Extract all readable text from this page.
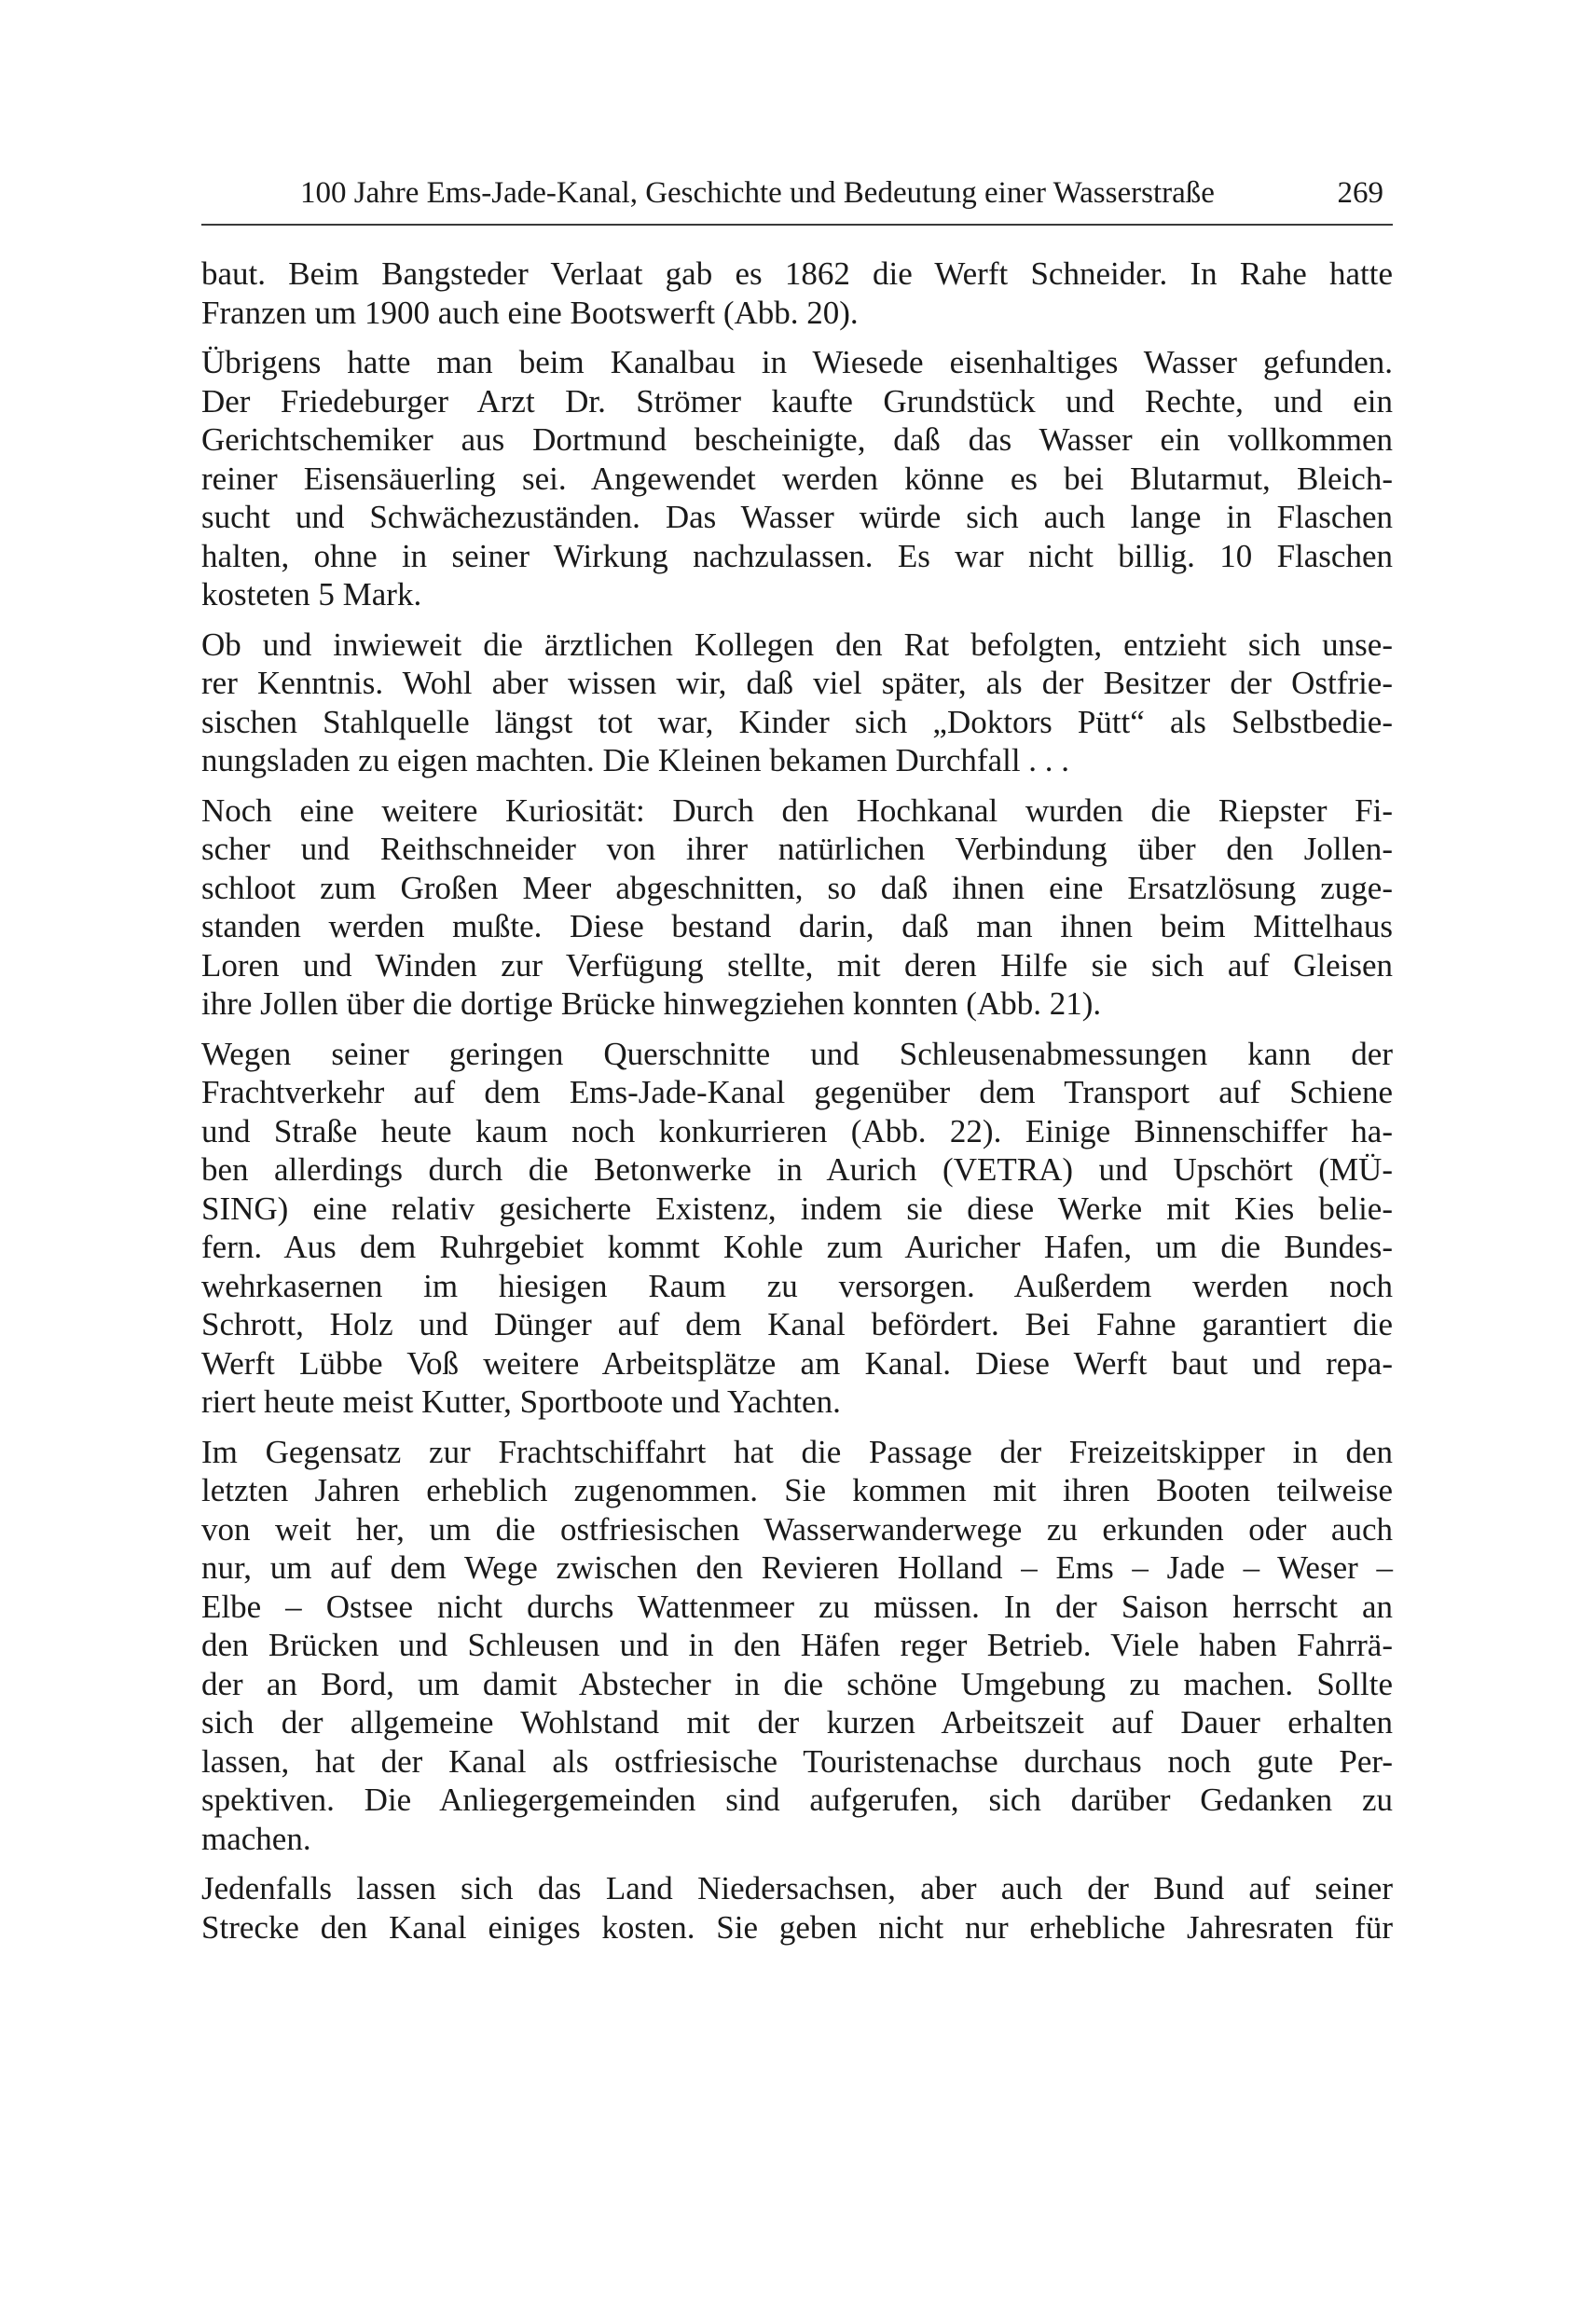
100 Jahre Ems-Jade-Kanal, Geschichte und Bedeutung einer Wasserstraße	269

baut. Beim Bangsteder Verlaat gab es 1862 die Werft Schneider. In Rahe hatte
Franzen um 1900 auch eine Bootswerft (Abb. 20).

Übrigens hatte man beim Kanalbau in Wiesede eisenhaltiges Wasser gefunden.
Der Friedeburger Arzt Dr. Strömer kaufte Grundstück und Rechte, und ein
Gerichtschemiker aus Dortmund bescheinigte, daß das Wasser ein vollkommen
reiner Eisensäuerling sei. Angewendet werden könne es bei Blutarmut, Bleich-
sucht und Schwächezuständen. Das Wasser würde sich auch lange in Flaschen
halten, ohne in seiner Wirkung nachzulassen. Es war nicht billig. 10 Flaschen
kosteten 5 Mark.

Ob und inwieweit die ärztlichen Kollegen den Rat befolgten, entzieht sich unse-
rer Kenntnis. Wohl aber wissen wir, daß viel später, als der Besitzer der Ostfrie-
sischen Stahlquelle längst tot war, Kinder sich „Doktors Pütt“ als Selbstbedie-
nungsladen zu eigen machten. Die Kleinen bekamen Durchfall . . .

Noch eine weitere Kuriosität: Durch den Hochkanal wurden die Riepster Fi-
scher und Reithschneider von ihrer natürlichen Verbindung über den Jollen-
schloot zum Großen Meer abgeschnitten, so daß ihnen eine Ersatzlösung zuge-
standen werden mußte. Diese bestand darin, daß man ihnen beim Mittelhaus
Loren und Winden zur Verfügung stellte, mit deren Hilfe sie sich auf Gleisen
ihre Jollen über die dortige Brücke hinwegziehen konnten (Abb. 21).

Wegen seiner geringen Querschnitte und Schleusenabmessungen kann der
Frachtverkehr auf dem Ems-Jade-Kanal gegenüber dem Transport auf Schiene
und Straße heute kaum noch konkurrieren (Abb. 22). Einige Binnenschiffer ha-
ben allerdings durch die Betonwerke in Aurich (VETRA) und Upschört (MÜ-
SING) eine relativ gesicherte Existenz, indem sie diese Werke mit Kies belie-
fern. Aus dem Ruhrgebiet kommt Kohle zum Auricher Hafen, um die Bundes-
wehrkasernen im hiesigen Raum zu versorgen. Außerdem werden noch
Schrott, Holz und Dünger auf dem Kanal befördert. Bei Fahne garantiert die
Werft Lübbe Voß weitere Arbeitsplätze am Kanal. Diese Werft baut und repa-
riert heute meist Kutter, Sportboote und Yachten.

Im Gegensatz zur Frachtschiffahrt hat die Passage der Freizeitskipper in den
letzten Jahren erheblich zugenommen. Sie kommen mit ihren Booten teilweise
von weit her, um die ostfriesischen Wasserwanderwege zu erkunden oder auch
nur, um auf dem Wege zwischen den Revieren Holland – Ems – Jade – Weser –
Elbe – Ostsee nicht durchs Wattenmeer zu müssen. In der Saison herrscht an
den Brücken und Schleusen und in den Häfen reger Betrieb. Viele haben Fahrrä-
der an Bord, um damit Abstecher in die schöne Umgebung zu machen. Sollte
sich der allgemeine Wohlstand mit der kurzen Arbeitszeit auf Dauer erhalten
lassen, hat der Kanal als ostfriesische Touristenachse durchaus noch gute Per-
spektiven. Die Anliegergemeinden sind aufgerufen, sich darüber Gedanken zu
machen.

Jedenfalls lassen sich das Land Niedersachsen, aber auch der Bund auf seiner
Strecke den Kanal einiges kosten. Sie geben nicht nur erhebliche Jahresraten für
